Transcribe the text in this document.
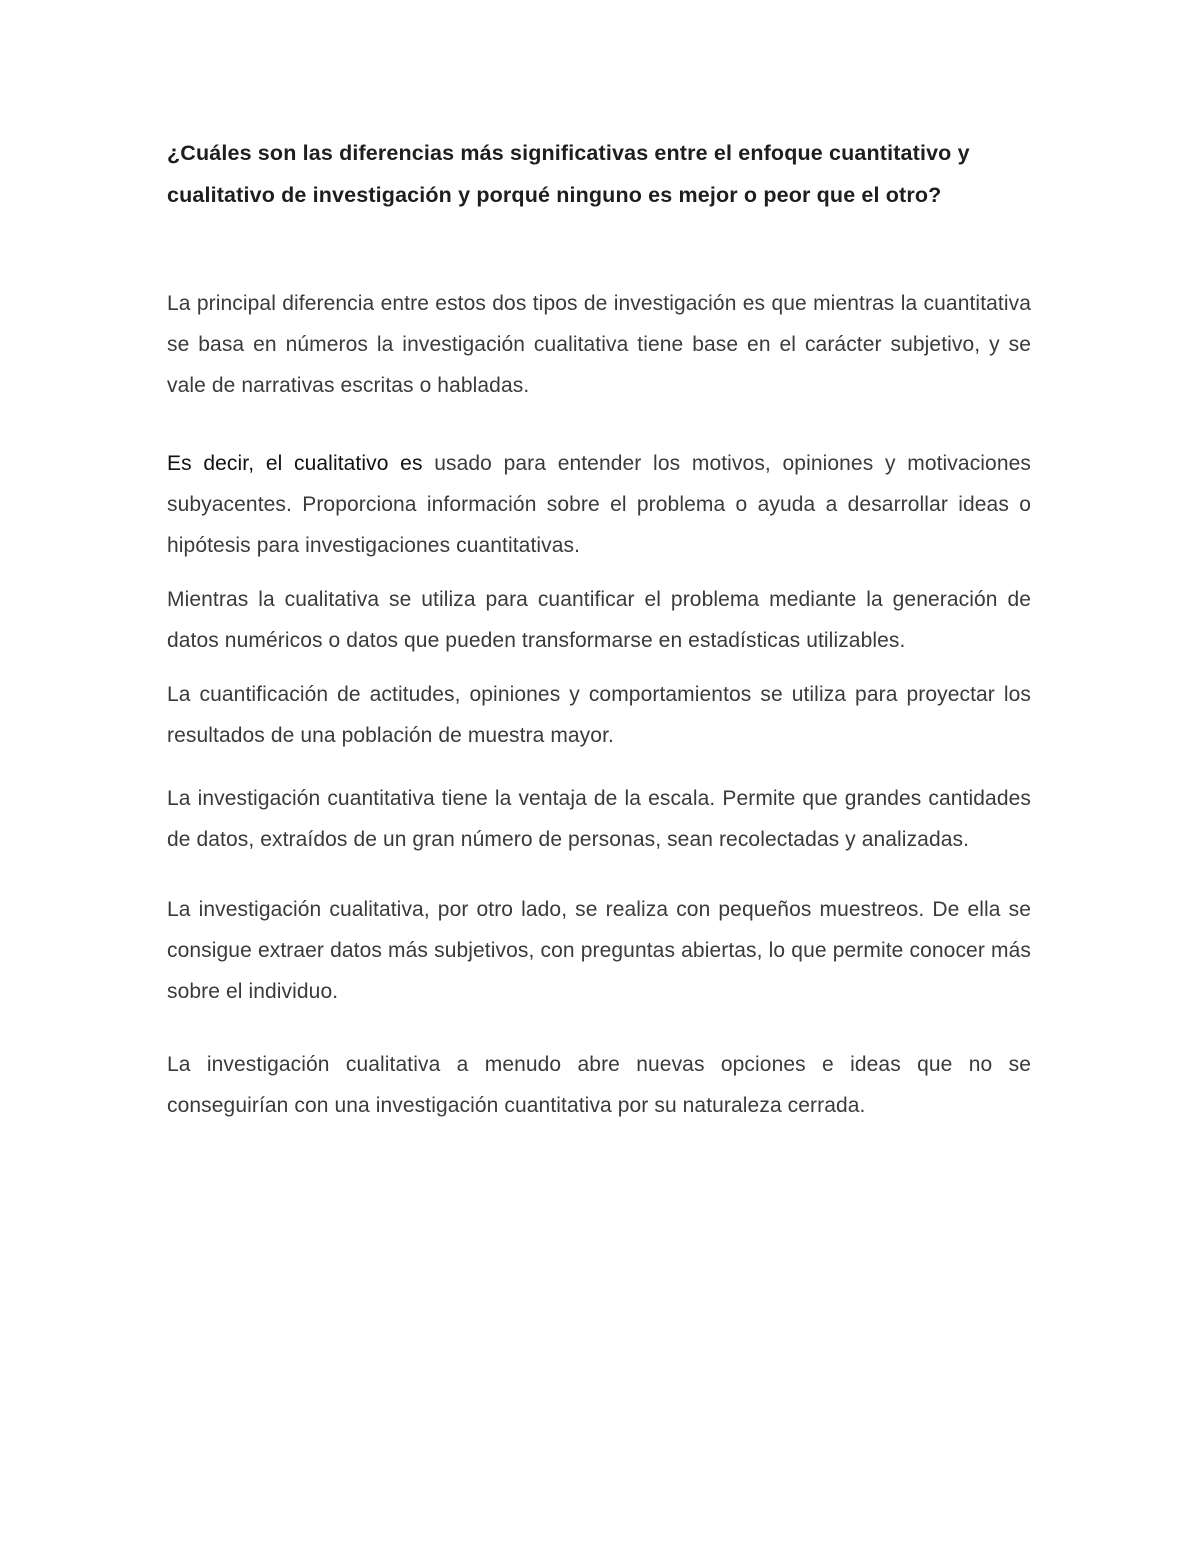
¿Cuáles son las diferencias más significativas entre el enfoque cuantitativo y cualitativo de investigación y porqué ninguno es mejor o peor que el otro?

La principal diferencia entre estos dos tipos de investigación es que mientras la cuantitativa se basa en números la investigación cualitativa tiene base en el carácter subjetivo, y se vale de narrativas escritas o habladas.

Es decir, el cualitativo es usado para entender los motivos, opiniones y motivaciones subyacentes. Proporciona información sobre el problema o ayuda a desarrollar ideas o hipótesis para investigaciones cuantitativas.

Mientras la cualitativa se utiliza para cuantificar el problema mediante la generación de datos numéricos o datos que pueden transformarse en estadísticas utilizables.

La cuantificación de actitudes, opiniones y comportamientos se utiliza para proyectar los resultados de una población de muestra mayor.

La investigación cuantitativa tiene la ventaja de la escala. Permite que grandes cantidades de datos, extraídos de un gran número de personas, sean recolectadas y analizadas.

La investigación cualitativa, por otro lado, se realiza con pequeños muestreos. De ella se consigue extraer datos más subjetivos, con preguntas abiertas, lo que permite conocer más sobre el individuo.

La investigación cualitativa a menudo abre nuevas opciones e ideas que no se conseguirían con una investigación cuantitativa por su naturaleza cerrada.
